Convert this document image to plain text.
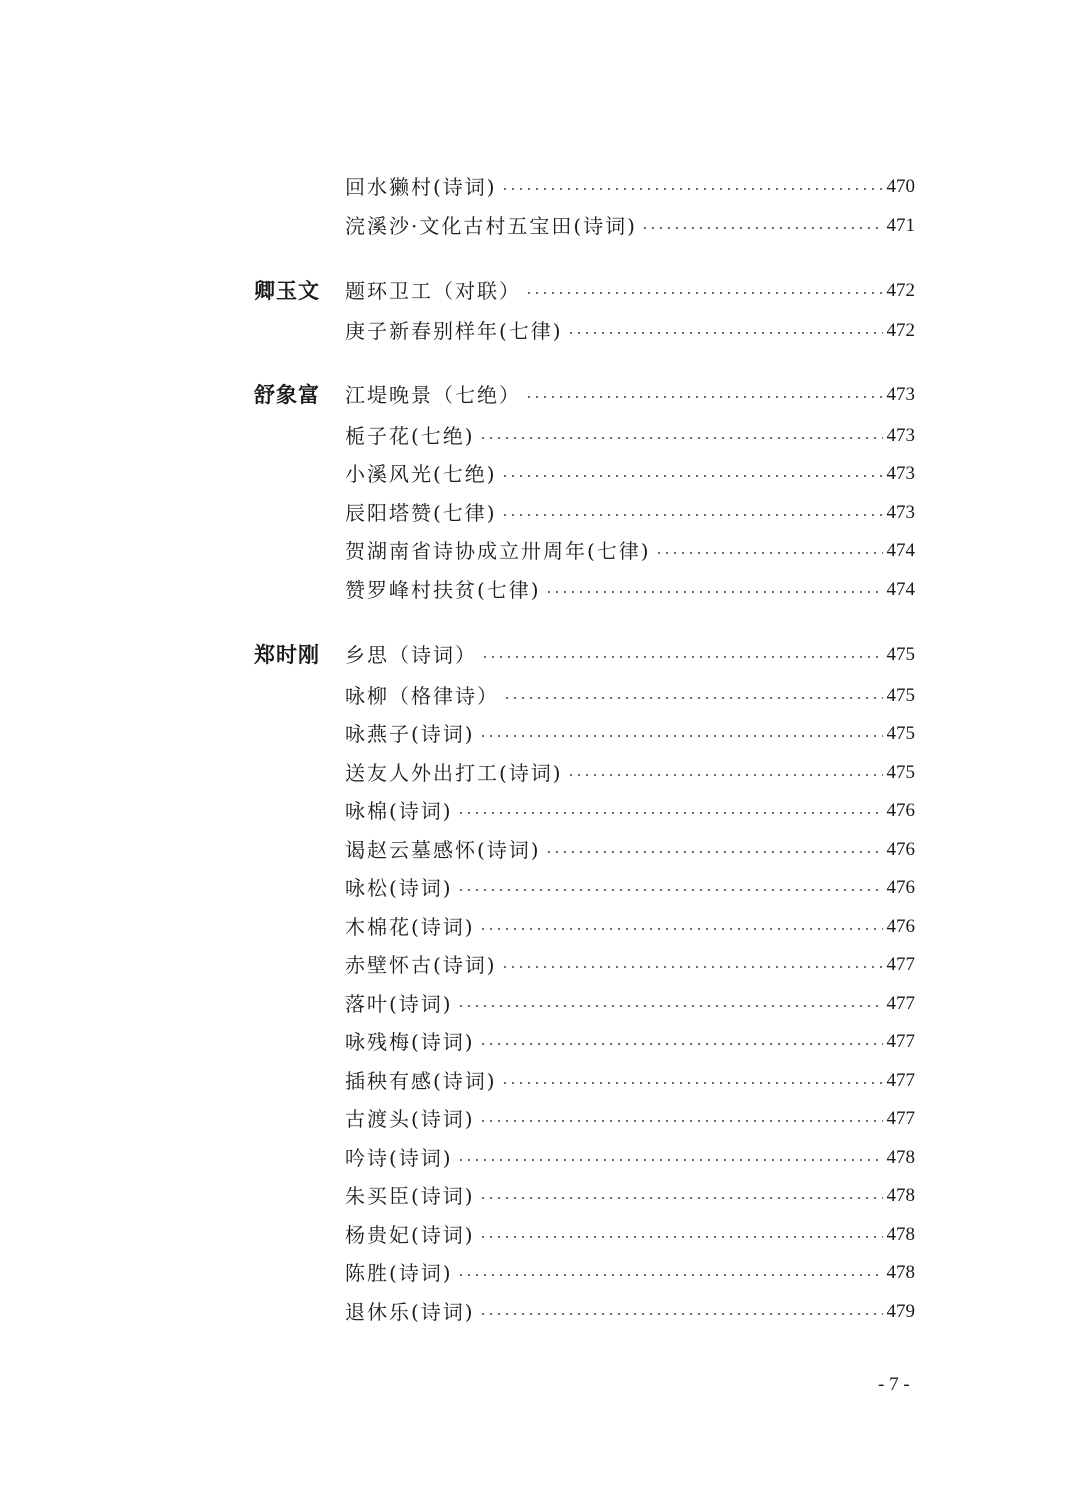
回水獭村(诗词)	470
浣溪沙·文化古村五宝田(诗词)	471
卿玉文	题环卫工（对联）	472
庚子新春别样年(七律)	472
舒象富	江堤晚景（七绝）	473
栀子花(七绝)	473
小溪风光(七绝)	473
辰阳塔赞(七律)	473
贺湖南省诗协成立卅周年(七律)	474
赞罗峰村扶贫(七律)	474
郑时刚	乡思（诗词）	475
咏柳（格律诗）	475
咏燕子(诗词)	475
送友人外出打工(诗词)	475
咏棉(诗词)	476
谒赵云墓感怀(诗词)	476
咏松(诗词)	476
木棉花(诗词)	476
赤壁怀古(诗词)	477
落叶(诗词)	477
咏残梅(诗词)	477
插秧有感(诗词)	477
古渡头(诗词)	477
吟诗(诗词)	478
朱买臣(诗词)	478
杨贵妃(诗词)	478
陈胜(诗词)	478
退休乐(诗词)	479
- 7 -
